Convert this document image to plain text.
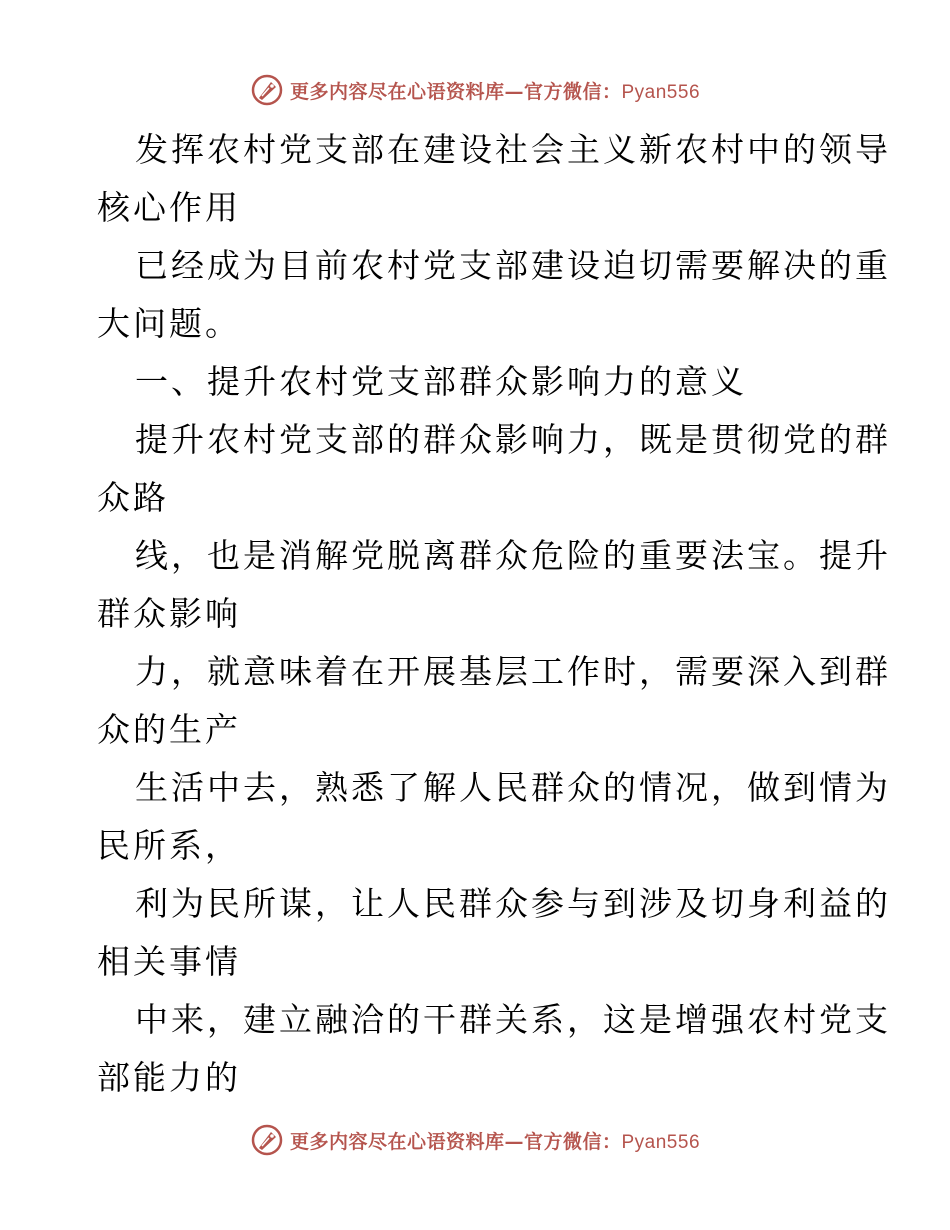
更多内容尽在心语资料库—官方微信：Pyan556
发挥农村党支部在建设社会主义新农村中的领导
核心作用
已经成为目前农村党支部建设迫切需要解决的重
大问题。
一、提升农村党支部群众影响力的意义
提升农村党支部的群众影响力，既是贯彻党的群
众路
线，也是消解党脱离群众危险的重要法宝。提升
群众影响
力，就意味着在开展基层工作时，需要深入到群
众的生产
生活中去，熟悉了解人民群众的情况，做到情为
民所系，
利为民所谋，让人民群众参与到涉及切身利益的
相关事情
中来，建立融洽的干群关系，这是增强农村党支
部能力的
更多内容尽在心语资料库—官方微信：Pyan556
